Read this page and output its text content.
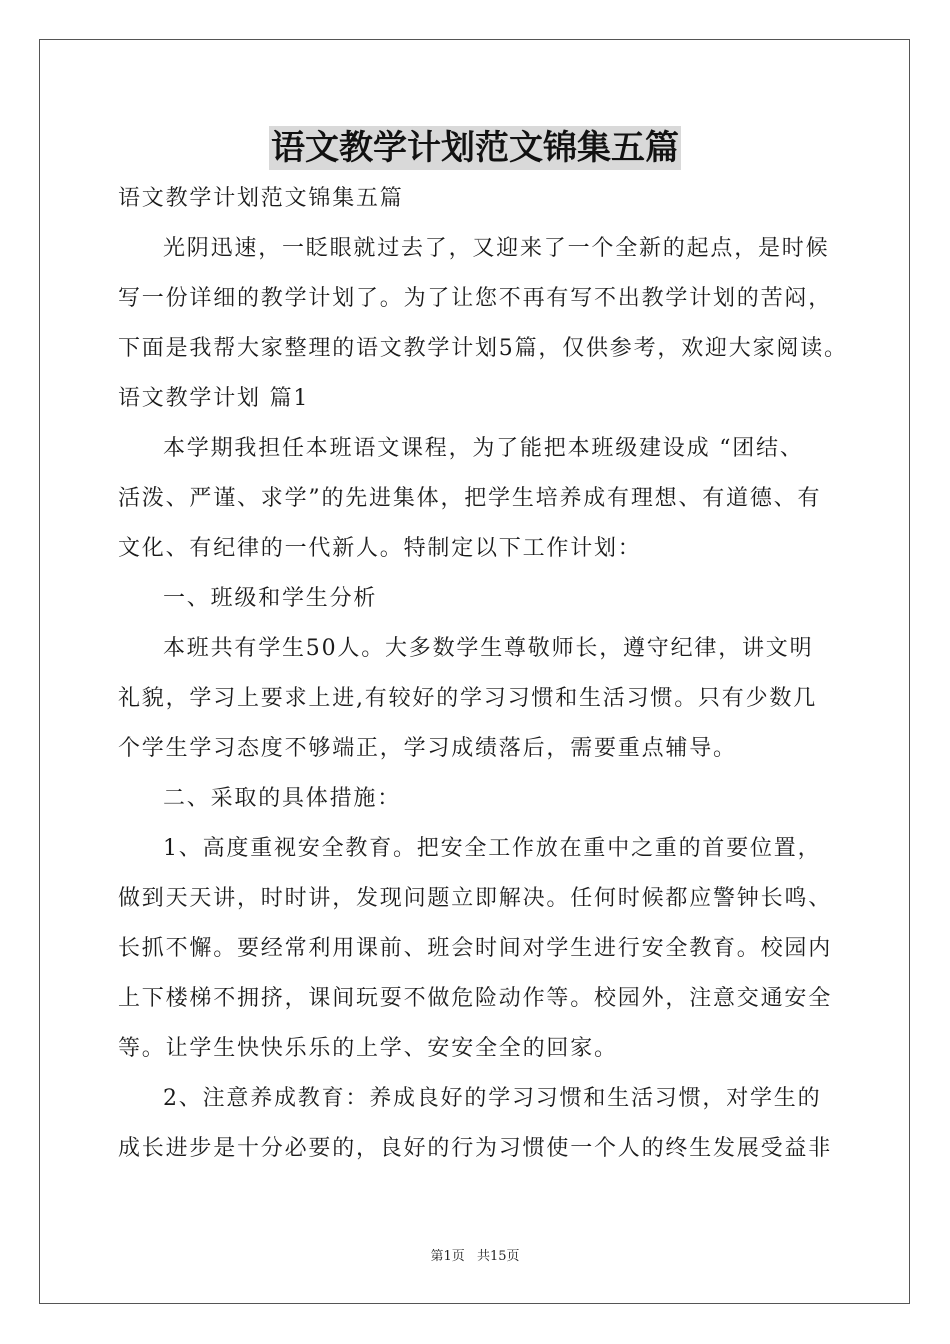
语文教学计划范文锦集五篇
语文教学计划范文锦集五篇
光阴迅速，一眨眼就过去了，又迎来了一个全新的起点，是时候
写一份详细的教学计划了。为了让您不再有写不出教学计划的苦闷，
下面是我帮大家整理的语文教学计划5篇，仅供参考，欢迎大家阅读。
语文教学计划 篇1
本学期我担任本班语文课程，为了能把本班级建设成 “团结、
活泼、严谨、求学”的先进集体，把学生培养成有理想、有道德、有
文化、有纪律的一代新人。特制定以下工作计划：
一、班级和学生分析
本班共有学生50人。大多数学生尊敬师长，遵守纪律，讲文明
礼貌，学习上要求上进,有较好的学习习惯和生活习惯。只有少数几
个学生学习态度不够端正，学习成绩落后，需要重点辅导。
二、采取的具体措施：
1、高度重视安全教育。把安全工作放在重中之重的首要位置，
做到天天讲，时时讲，发现问题立即解决。任何时候都应警钟长鸣、
长抓不懈。要经常利用课前、班会时间对学生进行安全教育。校园内
上下楼梯不拥挤，课间玩耍不做危险动作等。校园外，注意交通安全
等。让学生快快乐乐的上学、安安全全的回家。
2、注意养成教育：养成良好的学习习惯和生活习惯，对学生的
成长进步是十分必要的，良好的行为习惯使一个人的终生发展受益非
第1页 共15页
